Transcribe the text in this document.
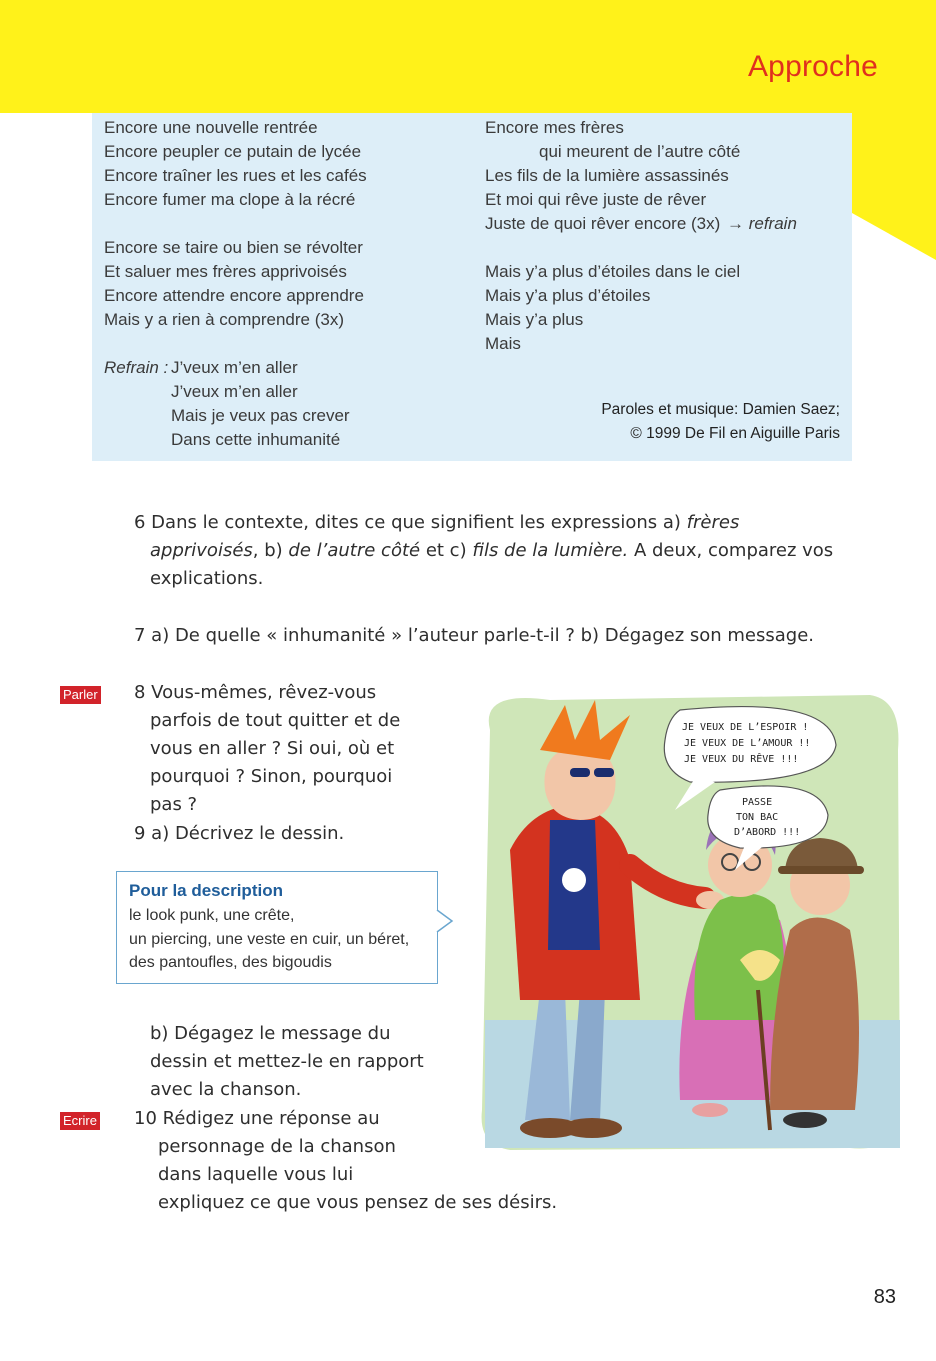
Approche
Encore une nouvelle rentrée
Encore peupler ce putain de lycée
Encore traîner les rues et les cafés
Encore fumer ma clope à la récré
Encore se taire ou bien se révolter
Et saluer mes frères apprivoisés
Encore attendre encore apprendre
Mais y a rien à comprendre (3x)
Refrain : J’veux m’en aller
J’veux m’en aller
Mais je veux pas crever
Dans cette inhumanité
Encore mes frères
qui meurent de l’autre côté
Les fils de la lumière assassinés
Et moi qui rêve juste de rêver
Juste de quoi rêver encore (3x) → refrain
Mais y’a plus d’étoiles dans le ciel
Mais y’a plus d’étoiles
Mais y’a plus
Mais
Paroles et musique: Damien Saez;
© 1999 De Fil en Aiguille Paris
6 Dans le contexte, dites ce que signifient les expressions a) frères
apprivoisés, b) de l’autre côté et c) fils de la lumière. A deux, comparez vos
explications.
7 a) De quelle « inhumanité » l’auteur parle-t-il ? b) Dégagez son message.
Parler 8 Vous-mêmes, rêvez-vous
parfois de tout quitter et de
vous en aller ? Si oui, où et
pourquoi ? Sinon, pourquoi
pas ?
9 a) Décrivez le dessin.
Pour la description
le look punk, une crête,
un piercing, une veste en cuir, un béret,
des pantoufles, des bigoudis
b) Dégagez le message du
dessin et mettez-le en rapport
avec la chanson.
Ecrire 10 Rédigez une réponse au
personnage de la chanson
dans laquelle vous lui
expliquez ce que vous pensez de ses désirs.
JE VEUX DE L’ESPOIR !
JE VEUX DE L’AMOUR !!
JE VEUX DU RÊVE !!!
PASSE
TON BAC
D’ABORD !!!
83
